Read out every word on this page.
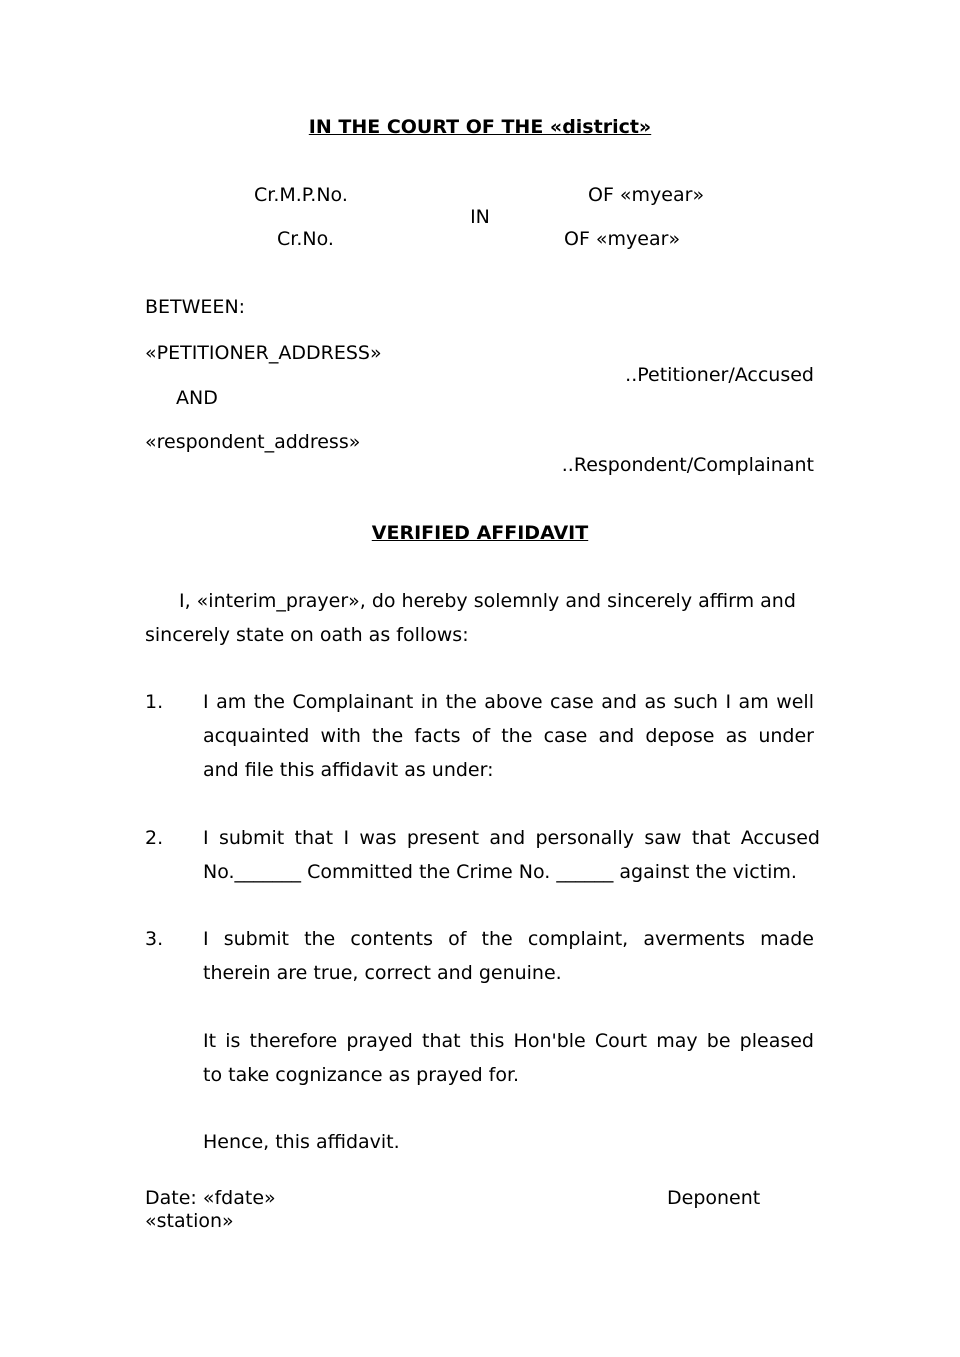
IN THE COURT OF THE «district»
Cr.M.P.No.	OF «myear»
IN
Cr.No.	OF «myear»
BETWEEN:
«PETITIONER_ADDRESS»
..Petitioner/Accused
AND
«respondent_address»
..Respondent/Complainant
VERIFIED AFFIDAVIT
I, «interim_prayer», do hereby solemnly and sincerely affirm and
sincerely state on oath as follows:
1. I am the Complainant in the above case and as such I am well
acquainted with the facts of the case and depose as under
and file this affidavit as under:
2. I submit that I was present and personally saw that Accused
No._______ Committed the Crime No. ______ against the victim.
3. I submit the contents of the complaint, averments made
therein are true, correct and genuine.
It is therefore prayed that this Hon'ble Court may be pleased
to take cognizance as prayed for.
Hence, this affidavit.
Date: «fdate»	Deponent
«station»
